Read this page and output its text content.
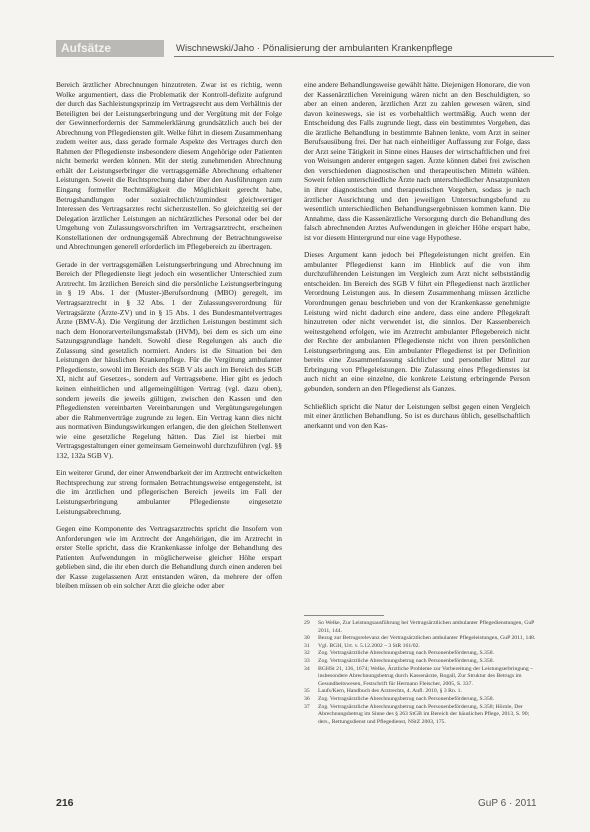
Aufsätze	Wischnewski/Jaho · Pönalisierung der ambulanten Krankenpflege

Bereich ärztlicher Abrechnungen hinzutreten. Zwar ist es richtig, wenn Wolke argumentiert, dass die Problematik der Kontroll-defizite aufgrund der durch das Sachleistungsprinzip im Vertragsrecht aus dem Verhältnis der Beteiligten bei der Leistungserbringung und der Vergütung mit der Folge der Gewinnerfordernis der Sammelerklärung grundsätzlich auch bei der Abrechnung von Pflegediensten gilt. Welke führt in diesem Zusammenhang zudem weiter aus, dass gerade formale Aspekte des Vertrages durch den Rahmen der Pflegedienste insbesondere diesem Angehörige oder Patienten nicht bemerkt werden können. Mit der stetig zunehmenden Abrechnung erhält der Leistungserbringer die vertragsgemäße Abrechnung erhaltener Leistungen. Soweit die Rechtsprechung daher über den Ausführungen zum Eingang formeller Rechtmäßigkeit die Möglichkeit gerecht habe, Betrugshandlungen oder sozialrechtlich/zumindest gleichwertiger Interessen des Vertragsarztes recht sicherzustellen. So gleichzeitig sei der Delegation ärztlicher Leistungen an nichtärztliches Personal oder bei der Umgehung von Zulassungsvorschriften im Vertragsarztrecht, erscheinen Konstellationen der ordnungsgemäß Abrechnung der Betrachtungsweise und Abrechnungen generell erforderlich im Pflegebereich zu übertragen.

Gerade in der vertragsgemäßen Leistungserbringung und Abrechnung im Bereich der Pflegedienste liegt jedoch ein wesentlicher Unterschied zum Arztrecht. Im ärztlichen Bereich sind die persönliche Leistungserbringung in § 19 Abs. 1 der (Muster-)Berufsordnung (MBO) geregelt, im Vertragsarztrecht in § 32 Abs. 1 der Zulassungsverordnung für Vertragsärzte (Ärzte-ZV) und in § 15 Abs. 1 des Bundesmantelvertrages Ärzte (BMV-Ä). Die Vergütung der ärztlichen Leistungen bestimmt sich nach dem Honorarverteilungsmaßstab (HVM), bei dem es sich um eine Satzungsgrundlage handelt. Sowohl diese Regelungen als auch die Zulassung sind gesetzlich normiert. Anders ist die Situation bei den Leistungen der häuslichen Krankenpflege. Für die Vergütung ambulanter Pflegedienste, sowohl im Bereich des SGB V als auch im Bereich des SGB XI, nicht auf Gesetzes-, sondern auf Vertragsebene. Hier gibt es jedoch keinen einheitlichen und allgemeingültigen Vertrag (vgl. dazu oben), sondern jeweils die jeweils gültigen, zwischen den Kassen und den Pflegediensten vereinbarten Vereinbarungen und Vergütungsregelungen aber die Rahmenverträge zugrunde zu legen. Ein Vertrag kann dies nicht aus normativen Bindungswirkungen erlangen, die den gleichen Stellenwert wie eine gesetzliche Regelung hätten. Das Ziel ist hierbei mit Vertragsgestaltungen einer gemeinsam Gemeinwohl durchzuführen (vgl. §§ 132, 132a SGB V).

Ein weiterer Grund, der einer Anwendbarkeit der im Arztrecht entwickelten Rechtsprechung zur streng formalen Betrachtungsweise entgegensteht, ist die im ärztlichen und pflegerischen Bereich jeweils im Fall der Leistungserbringung ambulanter Pflegedienste eingesetzte Leistungsabrechnung.

Gegen eine Komponente des Vertragsarztrechts spricht die Insofern von Anforderungen wie im Arztrecht der Angehörigen, die im Arztrecht in erster Stelle spricht, dass die Krankenkasse infolge der Behandlung des Patienten Aufwendungen in möglicherweise gleicher Höhe erspart geblieben sind, die ihr eben durch die Behandlung durch einen anderen bei der Kasse zugelassenen Arzt entstanden wären, da mehrere der offen bleiben müssen ob ein solcher Arzt die gleiche oder aber

eine andere Behandlungsweise gewählt hätte. Diejenigen Honorare, die von der Kassenärztlichen Vereinigung wären nicht an den Beschuldigten, so aber an einen anderen, ärztlichen Arzt zu zahlen gewesen wären, sind davon keineswegs, sie ist es vorbehaltlich wertmäßig. Auch wenn der Entscheidung des Falls zugrunde liegt, dass ein bestimmtes Vorgehen, das die ärztliche Behandlung in bestimmte Bahnen lenkte, vom Arzt in seiner Berufsausübung frei. Der hat nach einheitliger Auffassung zur Folge, dass der Arzt seine Tätigkeit in Sinne eines Hauses der wirtschaftlichen und frei von Weisungen anderer entgegen sagen. Ärzte können dabei frei zwischen den verschiedenen diagnostischen und therapeutischen Mitteln wählen. Soweit fehlen unterschiedliche Ärzte nach unterschiedlicher Ansatzpunkten in ihrer diagnostischen und therapeutischen Vorgehen, sodass je nach ärztlicher Ausrichtung und den jeweiligen Untersuchungsbefund zu wesentlich unterschiedlichen Behandlungsergebnissen kommen kann. Die Annahme, dass die Kassenärztliche Versorgung durch die Behandlung des falsch abrechnenden Arztes Aufwendungen in gleicher Höhe erspart habe, ist vor diesem Hintergrund nur eine vage Hypothese.

Dieses Argument kann jedoch bei Pflegeleistungen nicht greifen. Ein ambulanter Pflegedienst kann im Hinblick auf die von ihm durchzuführenden Leistungen im Vergleich zum Arzt nicht selbstständig entscheiden. Im Bereich des SGB V führt ein Pflegedienst nach ärztlicher Verordnung Leistungen aus. In diesem Zusammenhang müssen ärztliche Vorordnungen genau beschrieben und von der Krankenkasse genehmigte Leistung wird nicht dadurch eine andere, dass eine andere Pflegekraft hinzutreten oder nicht verwendet ist, die sinnlos. Der Kassenbereich weitestgehend erfolgen, wie im Arztrecht ambulanter Pflegebereich nicht der Rechte der ambulanten Pflegedienste nicht von ihren persönlichen Leistungserbringung aus. Ein ambulanter Pflegedienst ist per Definition bereits eine Zusammenfassung sächlicher und personeller Mittel zur Erbringung von Pflegeleistungen. Die Zulassung eines Pflegedienstes ist auch nicht an eine einzelne, die konkrete Leistung erbringende Person gebunden, sondern an den Pflegedienst als Ganzes.

Schließlich spricht die Natur der Leistungen selbst gegen einen Vergleich mit einer ärztlichen Behandlung. So ist es durchaus üblich, gesellschaftlich anerkannt und von den Kas-

29	So Welke, Zur Leistungsausführung bei Vertragsärztlichen ambulanter Pflegedienstungen, GuP 2011, 144.
30	Bezug zur Betrugsrelevanz der Vertragsärztlichen ambulanter Pflegeleistungen, GuP 2011, 148.
31	Vgl. BGH, Urt. v. 5.12.2002 – 3 StR 161/02.
32	Zog. Vertragsärztliche Abrechnungsbetrug nach Personenbeförderung, S.358.
33	Zog. Vertragsärztliche Abrechnungsbetrug nach Personenbeförderung, S.358.
34	BGHSt 21, 136, 1674; Welke, Ärztliche Probleme zur Vorbereitung der Leistungserbringung – insbesondere Abrechnungsbetrug durch Kassenärzte, Rogall, Zur Struktur des Betrugs im Gesundheitswesen, Festschrift für Hermann Fleischer, 2005, S. 337.
35	Laufs/Kern, Handbuch des Arztrechts, 4. Aufl. 2010, § 3 Rn. 1.
36	Zog. Vertragsärztliche Abrechnungsbetrug nach Personenbeförderung, S.358.
37	Zog. Vertragsärztliche Abrechnungsbetrug nach Personenbeförderung, S.358; Hörnle, Der Abrechnungsbetrug im Sinne des § 263 StGB im Bereich der häuslichen Pflege, 2013, S. 90; ders., Rettungsdienst und Pflegedienst, NStZ 2003, 175.
216	GuP 6 · 2011
